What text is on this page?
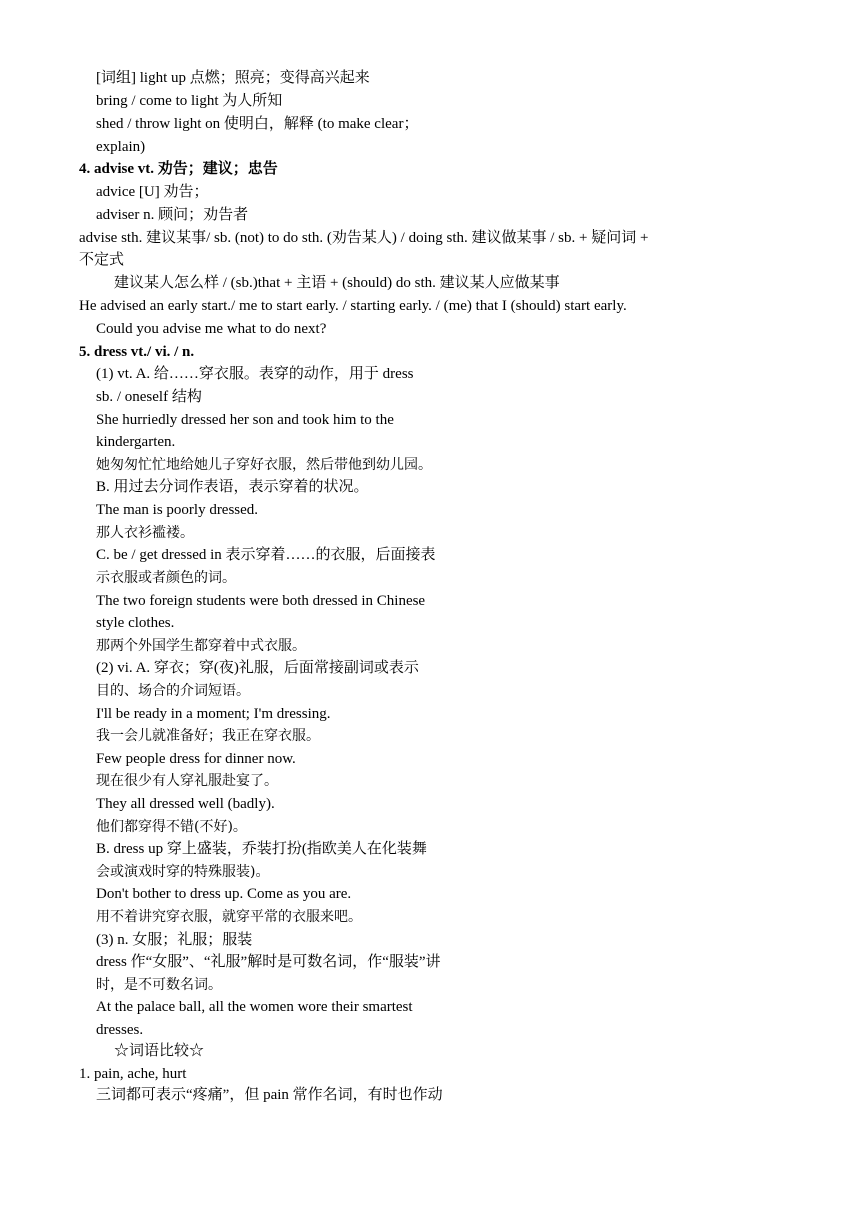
[词组] light up 点燃；照亮；变得高兴起来
bring / come to light 为人所知
shed / throw light on 使明白，解释 (to make clear；
explain)
4. advise vt. 劝告；建议；忠告
advice [U] 劝告；
adviser n. 顾问；劝告者
advise sth. 建议某事/ sb. (not) to do sth. (劝告某人) / doing sth. 建议做某事 / sb. + 疑问词 +
不定式
建议某人怎么样 / (sb.)that + 主语 + (should) do sth. 建议某人应做某事
He advised an early start./ me to start early. / starting early. / (me) that I (should) start early.
Could you advise me what to do next?
5. dress vt./ vi. / n.
(1) vt. A. 给……穿衣服。表穿的动作，用于 dress
sb. / oneself 结构
She hurriedly dressed her son and took him to the
kindergarten.
她匆匆忙忙地给她儿子穿好衣服，然后带他到幼儿园。
B. 用过去分词作表语，表示穿着的状况。
The man is poorly dressed.
那人衣衫褴褛。
C. be / get dressed in 表示穿着……的衣服，后面接表
示衣服或者颜色的词。
The two foreign students were both dressed in Chinese
style clothes.
那两个外国学生都穿着中式衣服。
(2) vi. A. 穿衣；穿(夜)礼服，后面常接副词或表示
目的、场合的介词短语。
I'll be ready in a moment; I'm dressing.
我一会儿就准备好；我正在穿衣服。
Few people dress for dinner now.
现在很少有人穿礼服赴宴了。
They all dressed well (badly).
他们都穿得不错(不好)。
B. dress up 穿上盛装，乔装打扮(指欧美人在化装舞
会或演戏时穿的特殊服装)。
Don't bother to dress up. Come as you are.
用不着讲究穿衣服，就穿平常的衣服来吧。
(3) n. 女服；礼服；服装
dress 作“女服”、“礼服”解时是可数名词，作“服装”讲
时，是不可数名词。
At the palace ball, all the women wore their smartest
dresses.
☆词语比较☆
1. pain, ache, hurt
三词都可表示“疼痛”，但 pain 常作名词，有时也作动
